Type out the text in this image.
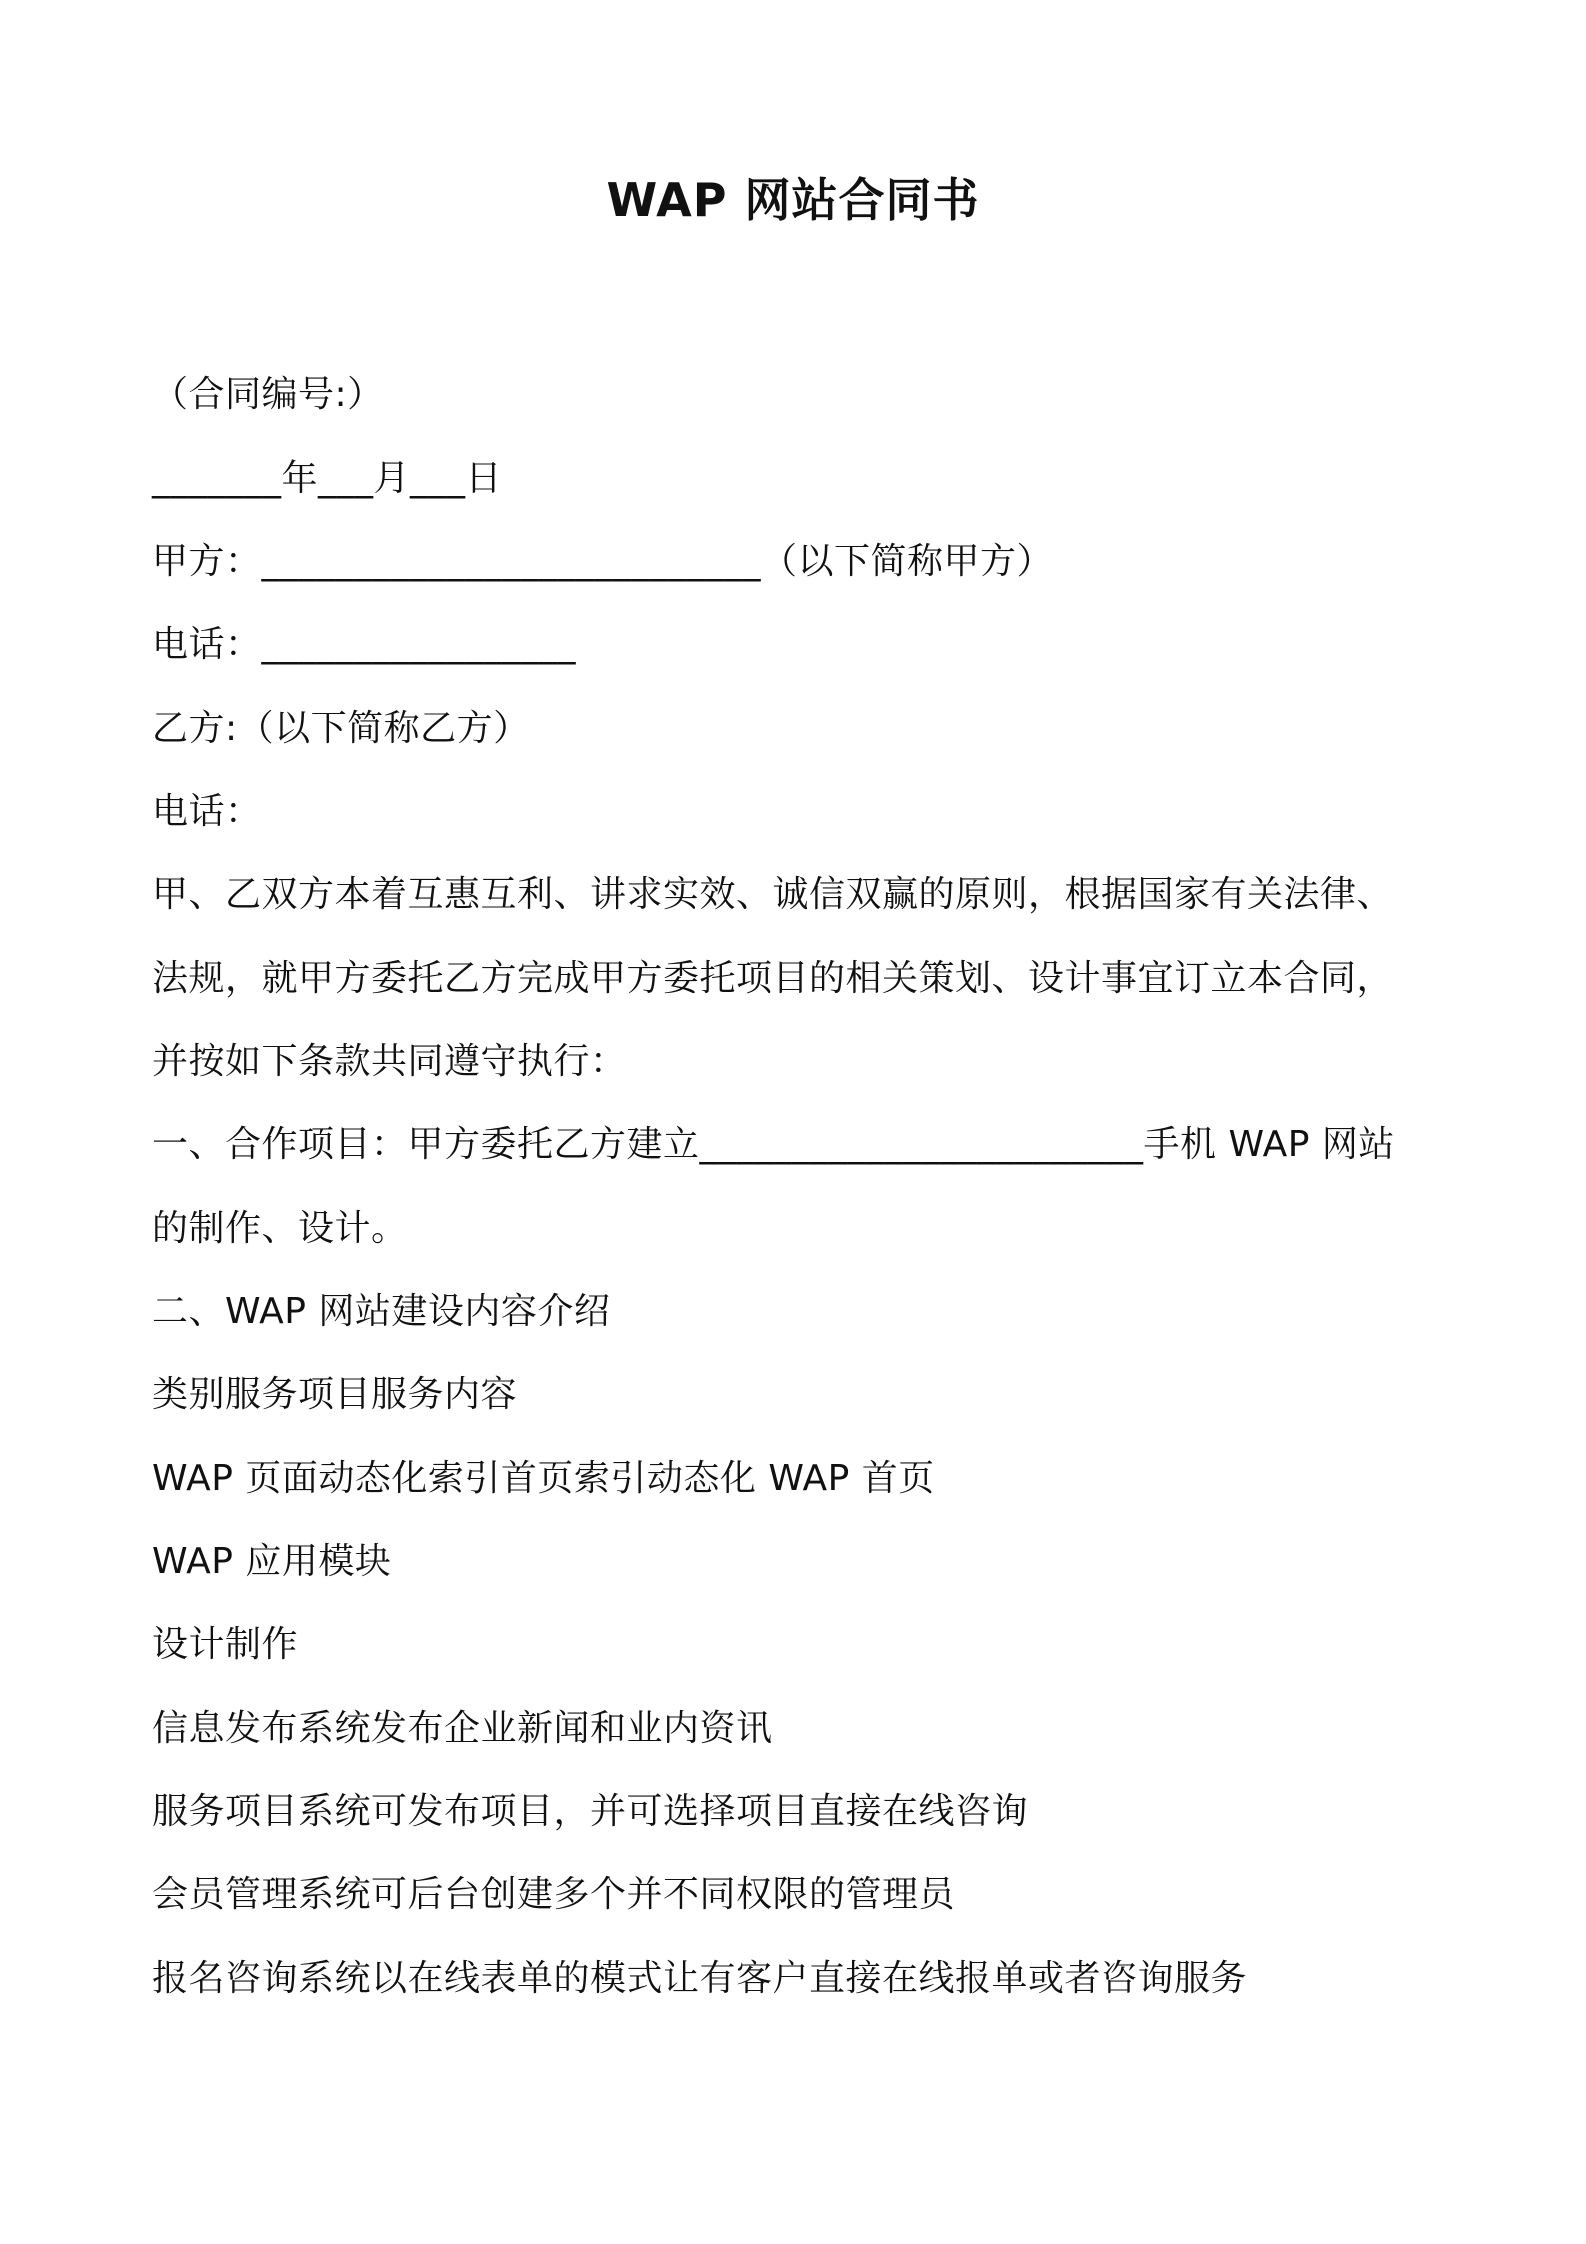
WAP 网站合同书
（合同编号:）
_______年___月___日
甲方：___________________________（以下简称甲方）
电话：_________________
乙方:（以下简称乙方）
电话：
甲、乙双方本着互惠互利、讲求实效、诚信双赢的原则，根据国家有关法律、
法规，就甲方委托乙方完成甲方委托项目的相关策划、设计事宜订立本合同，
并按如下条款共同遵守执行：
一、合作项目：甲方委托乙方建立________________________手机 WAP 网站
的制作、设计。
二、WAP 网站建设内容介绍
类别服务项目服务内容
WAP 页面动态化索引首页索引动态化 WAP 首页
WAP 应用模块
设计制作
信息发布系统发布企业新闻和业内资讯
服务项目系统可发布项目，并可选择项目直接在线咨询
会员管理系统可后台创建多个并不同权限的管理员
报名咨询系统以在线表单的模式让有客户直接在线报单或者咨询服务
